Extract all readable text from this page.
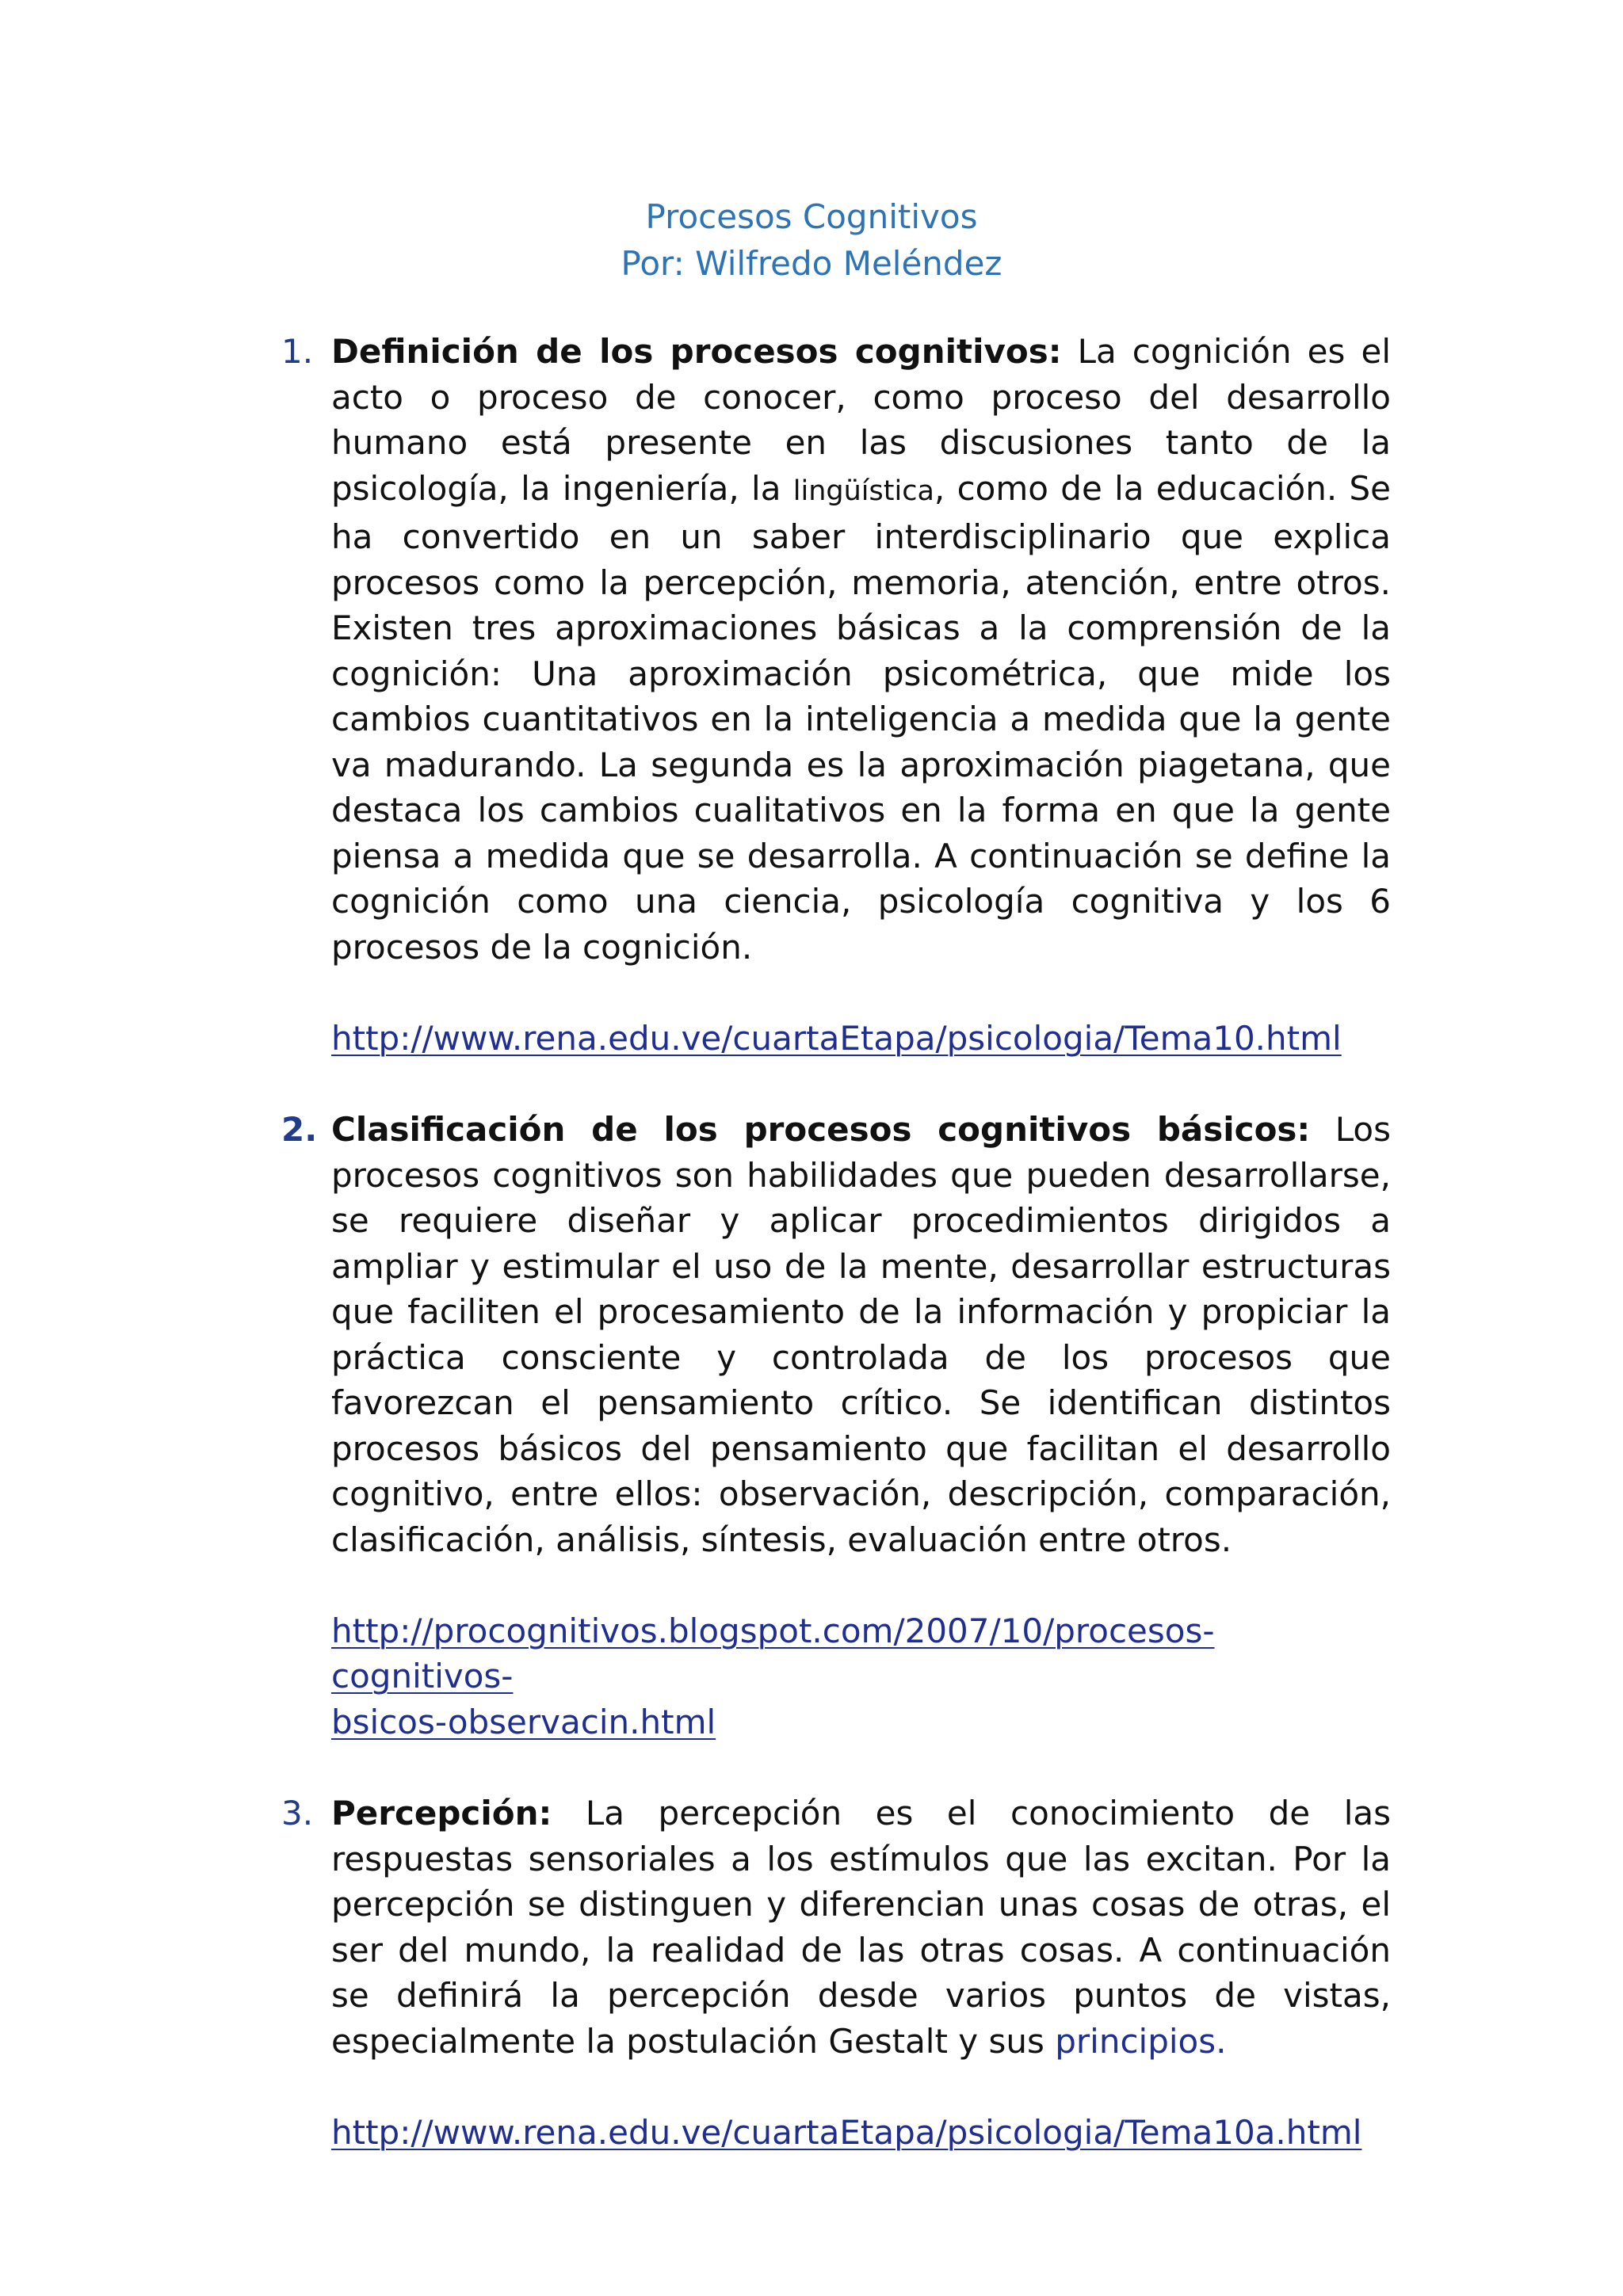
Procesos Cognitivos
Por: Wilfredo Meléndez
1. Definición de los procesos cognitivos: La cognición es el acto o proceso de conocer, como proceso del desarrollo humano está presente en las discusiones tanto de la psicología, la ingeniería, la lingüística, como de la educación. Se ha convertido en un saber interdisciplinario que explica procesos como la percepción, memoria, atención, entre otros. Existen tres aproximaciones básicas a la comprensión de la cognición: Una aproximación psicométrica, que mide los cambios cuantitativos en la inteligencia a medida que la gente va madurando. La segunda es la aproximación piagetana, que destaca los cambios cualitativos en la forma en que la gente piensa a medida que se desarrolla. A continuación se define la cognición como una ciencia, psicología cognitiva y los 6 procesos de la cognición.
http://www.rena.edu.ve/cuartaEtapa/psicologia/Tema10.html
2. Clasificación de los procesos cognitivos básicos: Los procesos cognitivos son habilidades que pueden desarrollarse, se requiere diseñar y aplicar procedimientos dirigidos a ampliar y estimular el uso de la mente, desarrollar estructuras que faciliten el procesamiento de la información y propiciar la práctica consciente y controlada de los procesos que favorezcan el pensamiento crítico. Se identifican distintos procesos básicos del pensamiento que facilitan el desarrollo cognitivo, entre ellos: observación, descripción, comparación, clasificación, análisis, síntesis, evaluación entre otros.
http://procognitivos.blogspot.com/2007/10/procesos-cognitivos-
bsicos-observacin.html
3. Percepción: La percepción es el conocimiento de las respuestas sensoriales a los estímulos que las excitan. Por la percepción se distinguen y diferencian unas cosas de otras, el ser del mundo, la realidad de las otras cosas. A continuación se definirá la percepción desde varios puntos de vistas, especialmente la postulación Gestalt y sus principios.
http://www.rena.edu.ve/cuartaEtapa/psicologia/Tema10a.html
